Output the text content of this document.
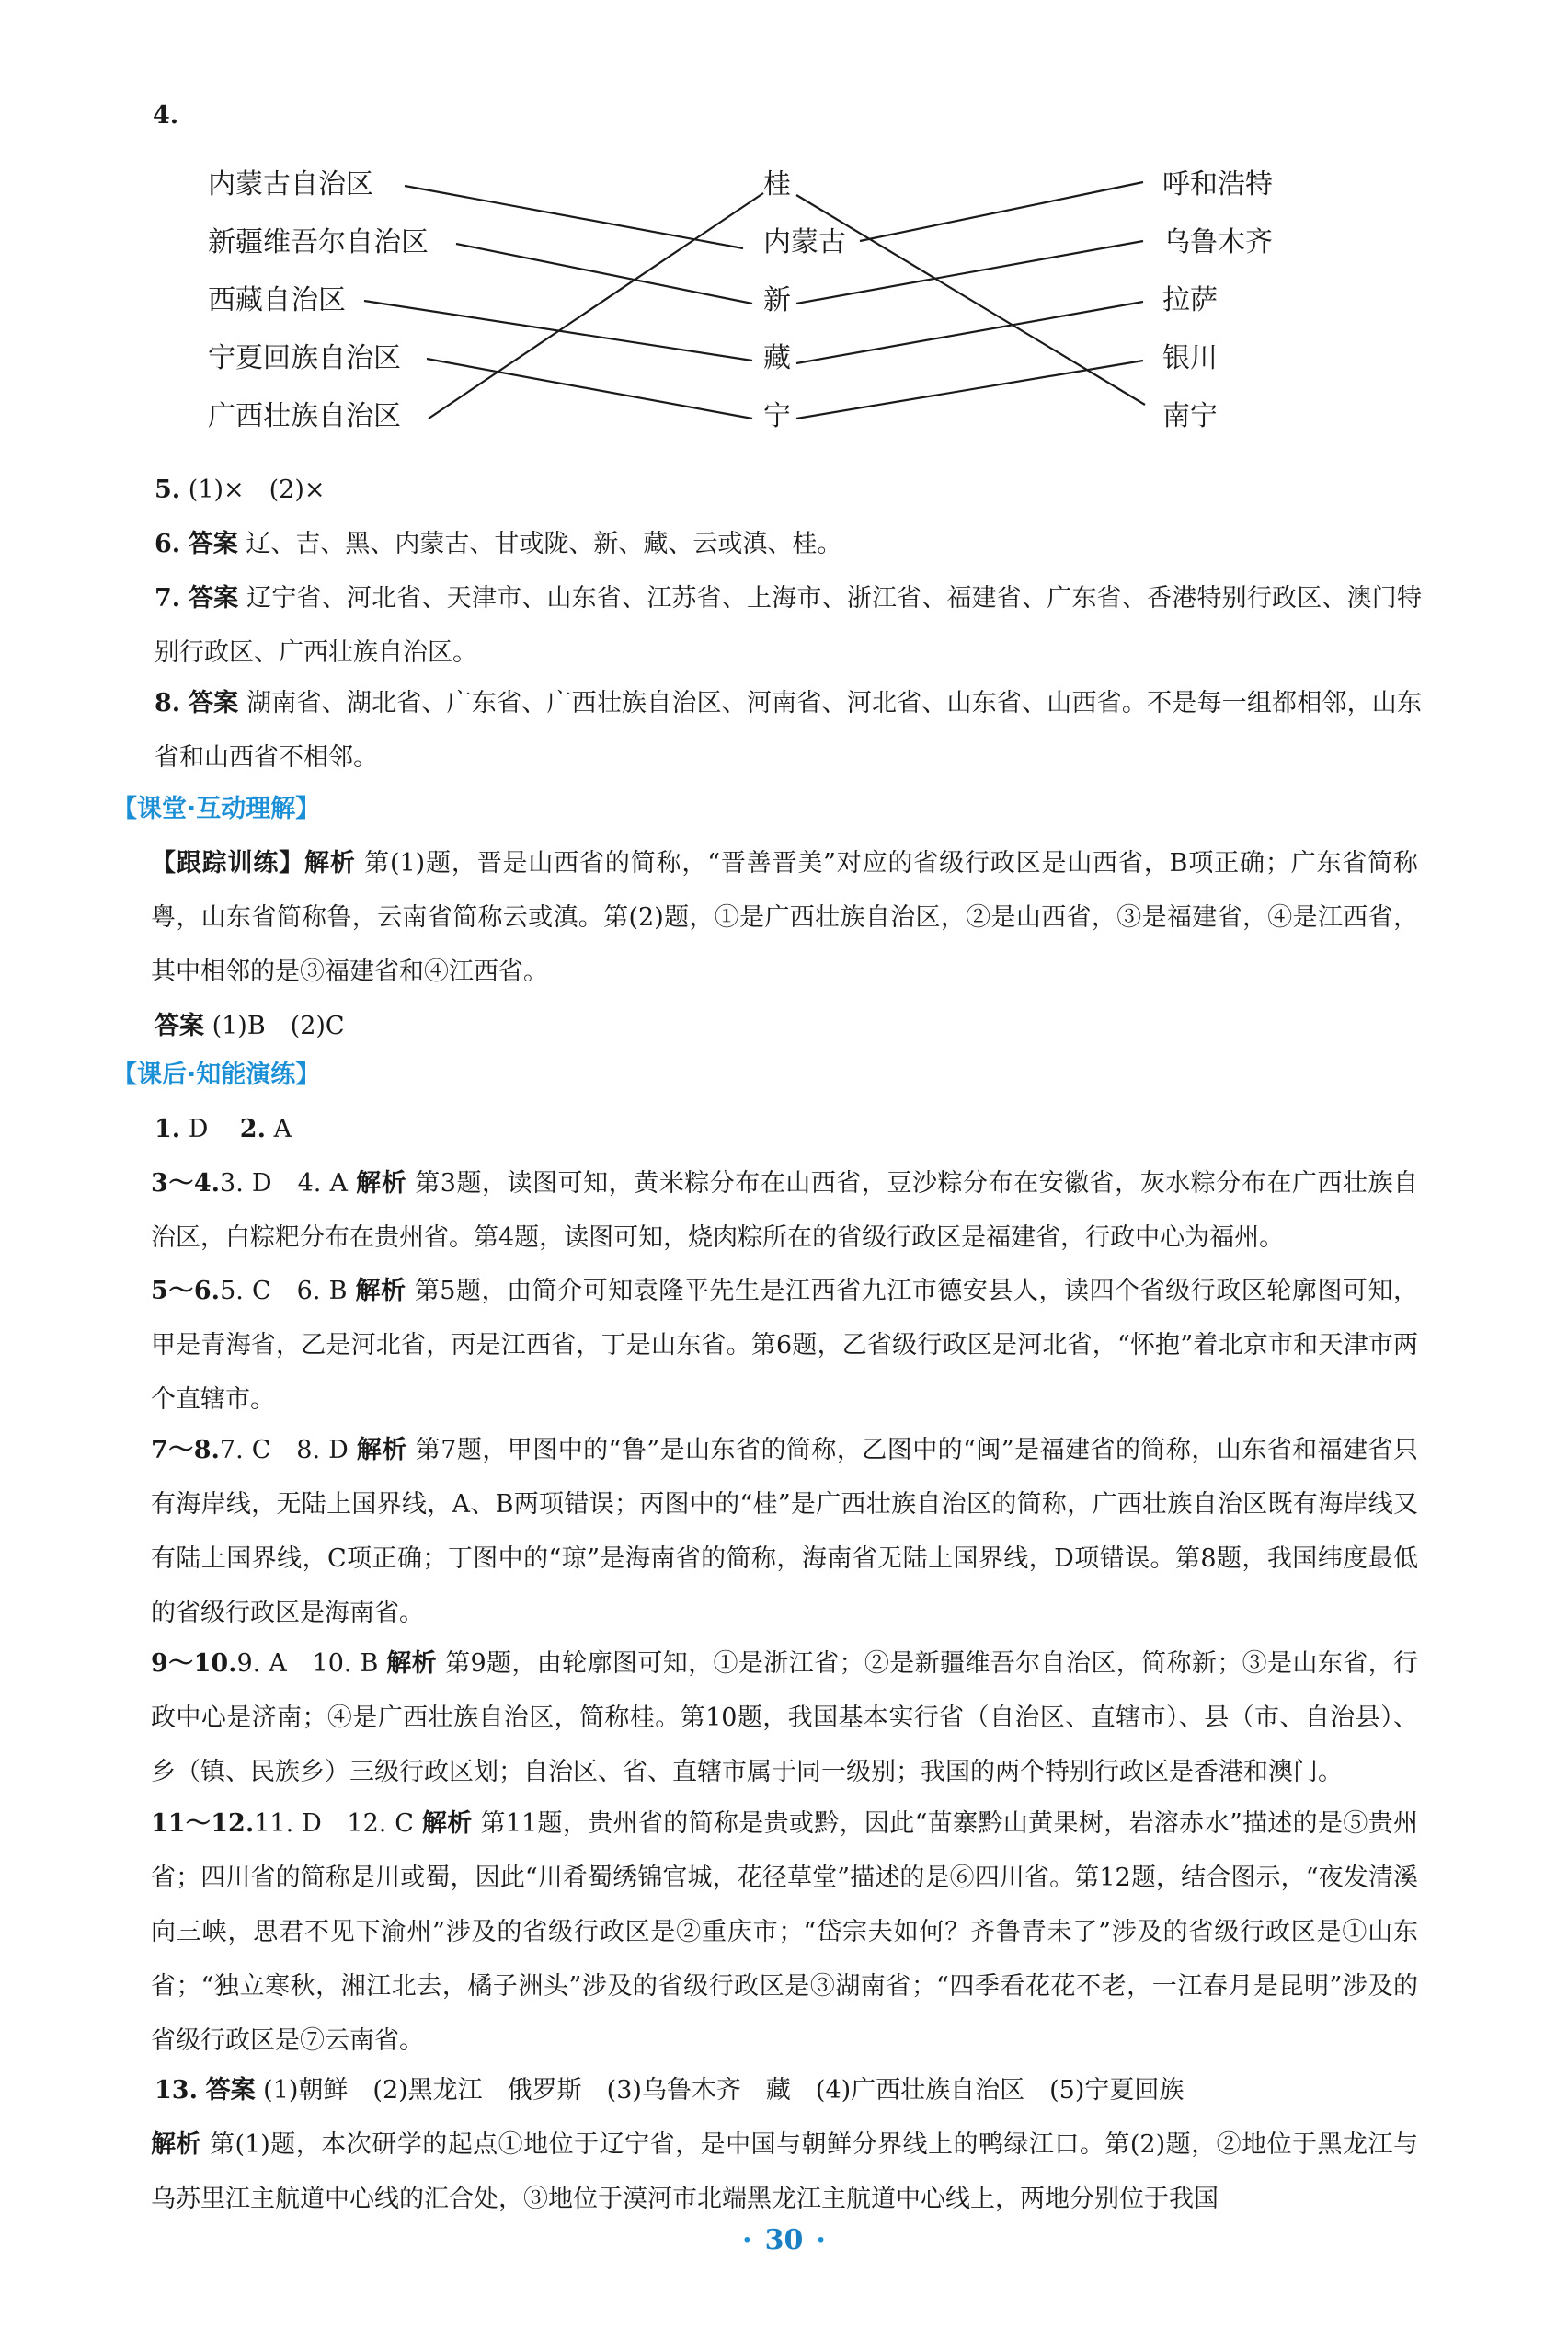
4.
内蒙古自治区
新疆维吾尔自治区
西藏自治区
宁夏回族自治区
广西壮族自治区
桂
内蒙古
新
藏
宁
呼和浩特
乌鲁木齐
拉萨
银川
南宁
5. (1)×　(2)×
6. 答案 辽、吉、黑、内蒙古、甘或陇、新、藏、云或滇、桂。
7. 答案 辽宁省、河北省、天津市、山东省、江苏省、上海市、浙江省、福建省、广东省、香港特别行政区、澳门特别行政区、广西壮族自治区。
8. 答案 湖南省、湖北省、广东省、广西壮族自治区、河南省、河北省、山东省、山西省。不是每一组都相邻，山东省和山西省不相邻。
【课堂·互动理解】
【跟踪训练】解析 第(1)题，晋是山西省的简称，“晋善晋美”对应的省级行政区是山西省，B项正确；广东省简称粤，山东省简称鲁，云南省简称云或滇。第(2)题，①是广西壮族自治区，②是山西省，③是福建省，④是江西省，其中相邻的是③福建省和④江西省。
答案 (1)B　(2)C
【课后·知能演练】
1. D 2. A
3～4.3. D　4. A 解析 第3题，读图可知，黄米粽分布在山西省，豆沙粽分布在安徽省，灰水粽分布在广西壮族自治区，白粽粑分布在贵州省。第4题，读图可知，烧肉粽所在的省级行政区是福建省，行政中心为福州。
5～6.5. C　6. B 解析 第5题，由简介可知袁隆平先生是江西省九江市德安县人，读四个省级行政区轮廓图可知，甲是青海省，乙是河北省，丙是江西省，丁是山东省。第6题，乙省级行政区是河北省，“怀抱”着北京市和天津市两个直辖市。
7～8.7. C　8. D 解析 第7题，甲图中的“鲁”是山东省的简称，乙图中的“闽”是福建省的简称，山东省和福建省只有海岸线，无陆上国界线，A、B两项错误；丙图中的“桂”是广西壮族自治区的简称，广西壮族自治区既有海岸线又有陆上国界线，C项正确；丁图中的“琼”是海南省的简称，海南省无陆上国界线，D项错误。第8题，我国纬度最低的省级行政区是海南省。
9～10.9. A　10. B 解析 第9题，由轮廓图可知，①是浙江省；②是新疆维吾尔自治区，简称新；③是山东省，行政中心是济南；④是广西壮族自治区，简称桂。第10题，我国基本实行省（自治区、直辖市）、县（市、自治县）、乡（镇、民族乡）三级行政区划；自治区、省、直辖市属于同一级别；我国的两个特别行政区是香港和澳门。
11～12.11. D　12. C 解析 第11题，贵州省的简称是贵或黔，因此“苗寨黔山黄果树，岩溶赤水”描述的是⑤贵州省；四川省的简称是川或蜀，因此“川肴蜀绣锦官城，花径草堂”描述的是⑥四川省。第12题，结合图示，“夜发清溪向三峡，思君不见下渝州”涉及的省级行政区是②重庆市；“岱宗夫如何？齐鲁青未了”涉及的省级行政区是①山东省；“独立寒秋，湘江北去，橘子洲头”涉及的省级行政区是③湖南省；“四季看花花不老，一江春月是昆明”涉及的省级行政区是⑦云南省。
13. 答案 (1)朝鲜　(2)黑龙江　俄罗斯　(3)乌鲁木齐　藏　(4)广西壮族自治区　(5)宁夏回族
解析 第(1)题，本次研学的起点①地位于辽宁省，是中国与朝鲜分界线上的鸭绿江口。第(2)题，②地位于黑龙江与乌苏里江主航道中心线的汇合处，③地位于漠河市北端黑龙江主航道中心线上，两地分别位于我国
· 30 ·
